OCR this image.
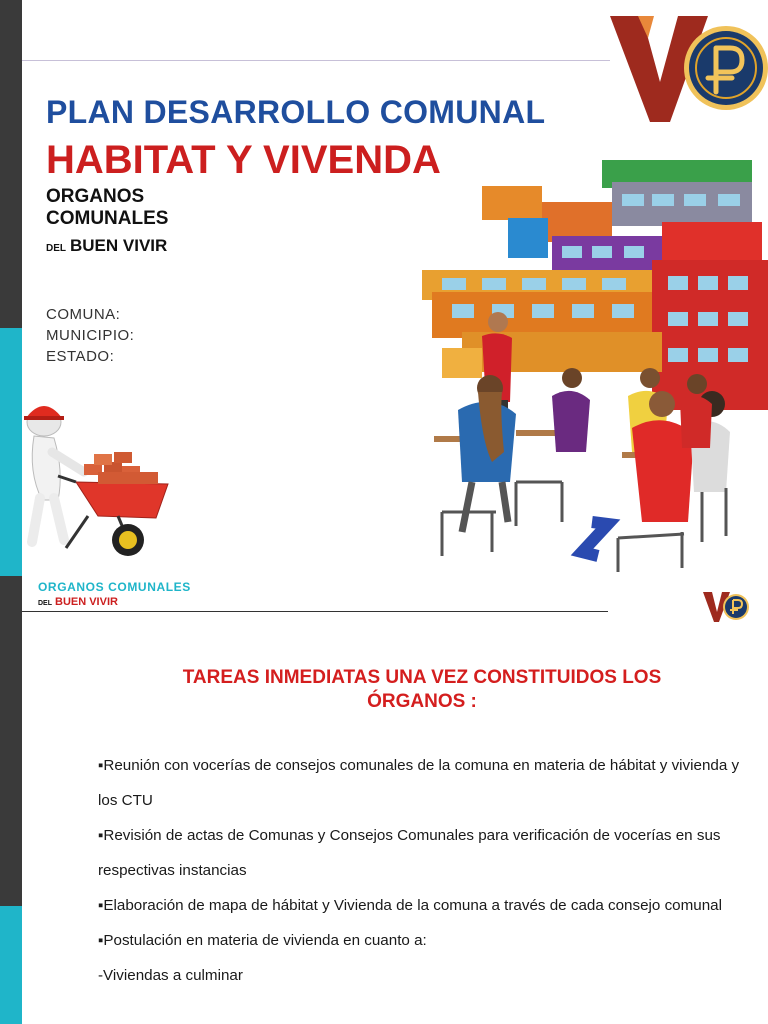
PLAN DESARROLLO COMUNAL
HABITAT Y VIVENDA
ORGANOS
COMUNALES
DEL BUEN VIVIR
COMUNA:
MUNICIPIO:
ESTADO:
ORGANOS COMUNALES
DEL BUEN VIVIR
TAREAS INMEDIATAS UNA VEZ CONSTITUIDOS LOS
ÓRGANOS :
▪Reunión con vocerías de consejos comunales de la comuna en materia de hábitat y vivienda y los CTU
▪Revisión de actas de Comunas y Consejos Comunales para verificación de vocerías en sus respectivas instancias
▪Elaboración de mapa de hábitat y Vivienda de la comuna a través de cada consejo comunal
▪Postulación en materia de vivienda en cuanto a:
-Viviendas a culminar
